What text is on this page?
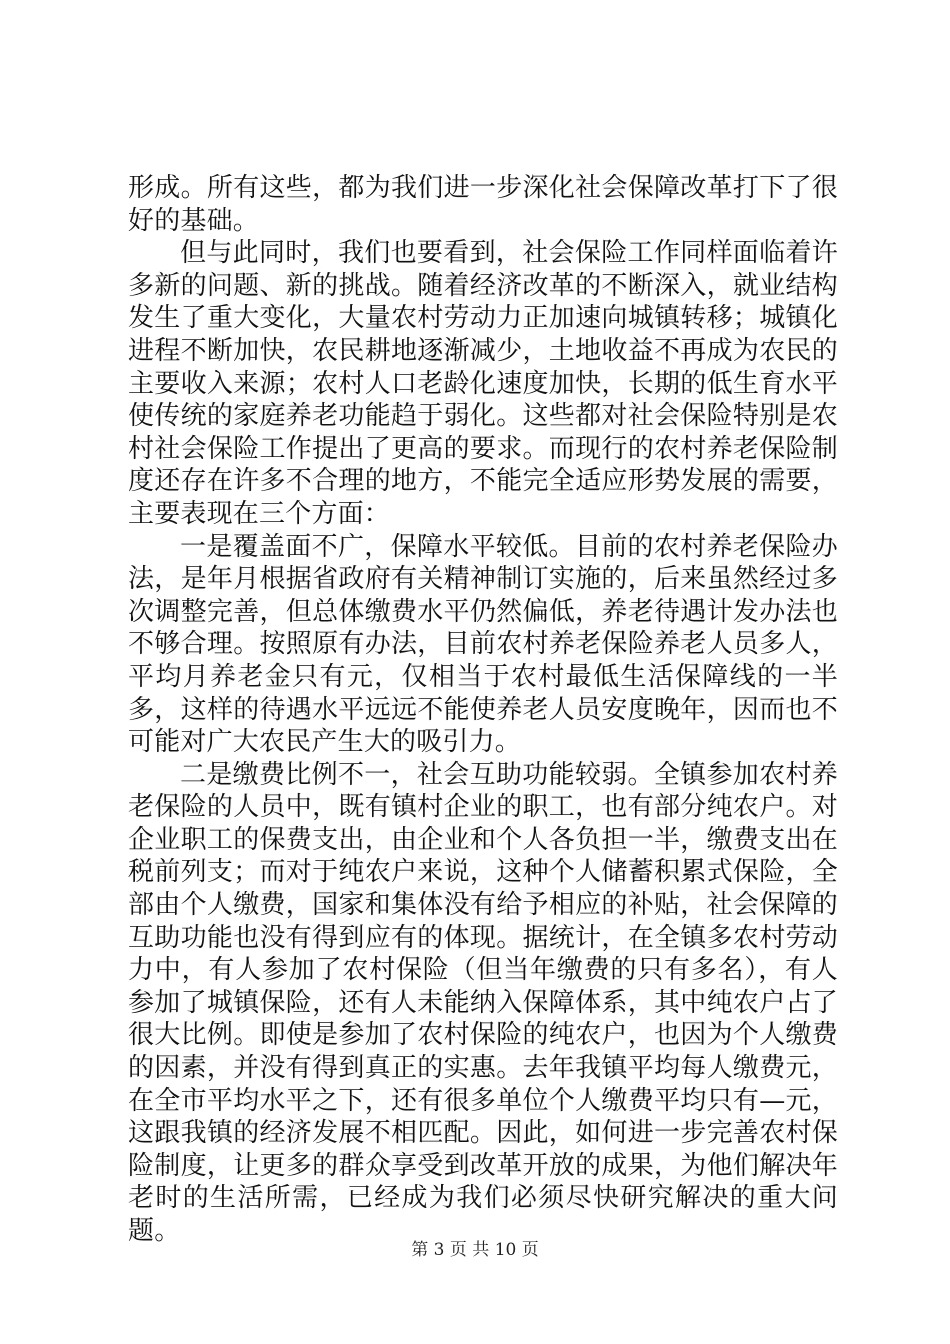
形成。所有这些，都为我们进一步深化社会保障改革打下了很好的基础。

但与此同时，我们也要看到，社会保险工作同样面临着许多新的问题、新的挑战。随着经济改革的不断深入，就业结构发生了重大变化，大量农村劳动力正加速向城镇转移；城镇化进程不断加快，农民耕地逐渐减少，土地收益不再成为农民的主要收入来源；农村人口老龄化速度加快，长期的低生育水平使传统的家庭养老功能趋于弱化。这些都对社会保险特别是农村社会保险工作提出了更高的要求。而现行的农村养老保险制度还存在许多不合理的地方，不能完全适应形势发展的需要，主要表现在三个方面：

一是覆盖面不广，保障水平较低。目前的农村养老保险办法，是年月根据省政府有关精神制订实施的，后来虽然经过多次调整完善，但总体缴费水平仍然偏低，养老待遇计发办法也不够合理。按照原有办法，目前农村养老保险养老人员多人，平均月养老金只有元，仅相当于农村最低生活保障线的一半多，这样的待遇水平远远不能使养老人员安度晚年，因而也不可能对广大农民产生大的吸引力。

二是缴费比例不一，社会互助功能较弱。全镇参加农村养老保险的人员中，既有镇村企业的职工，也有部分纯农户。对企业职工的保费支出，由企业和个人各负担一半，缴费支出在税前列支；而对于纯农户来说，这种个人储蓄积累式保险，全部由个人缴费，国家和集体没有给予相应的补贴，社会保障的互助功能也没有得到应有的体现。据统计，在全镇多农村劳动力中，有人参加了农村保险（但当年缴费的只有多名），有人参加了城镇保险，还有人未能纳入保障体系，其中纯农户占了很大比例。即使是参加了农村保险的纯农户，也因为个人缴费的因素，并没有得到真正的实惠。去年我镇平均每人缴费元，在全市平均水平之下，还有很多单位个人缴费平均只有—元，这跟我镇的经济发展不相匹配。因此，如何进一步完善农村保险制度，让更多的群众享受到改革开放的成果，为他们解决年老时的生活所需，已经成为我们必须尽快研究解决的重大问题。

第 3 页 共 10 页
